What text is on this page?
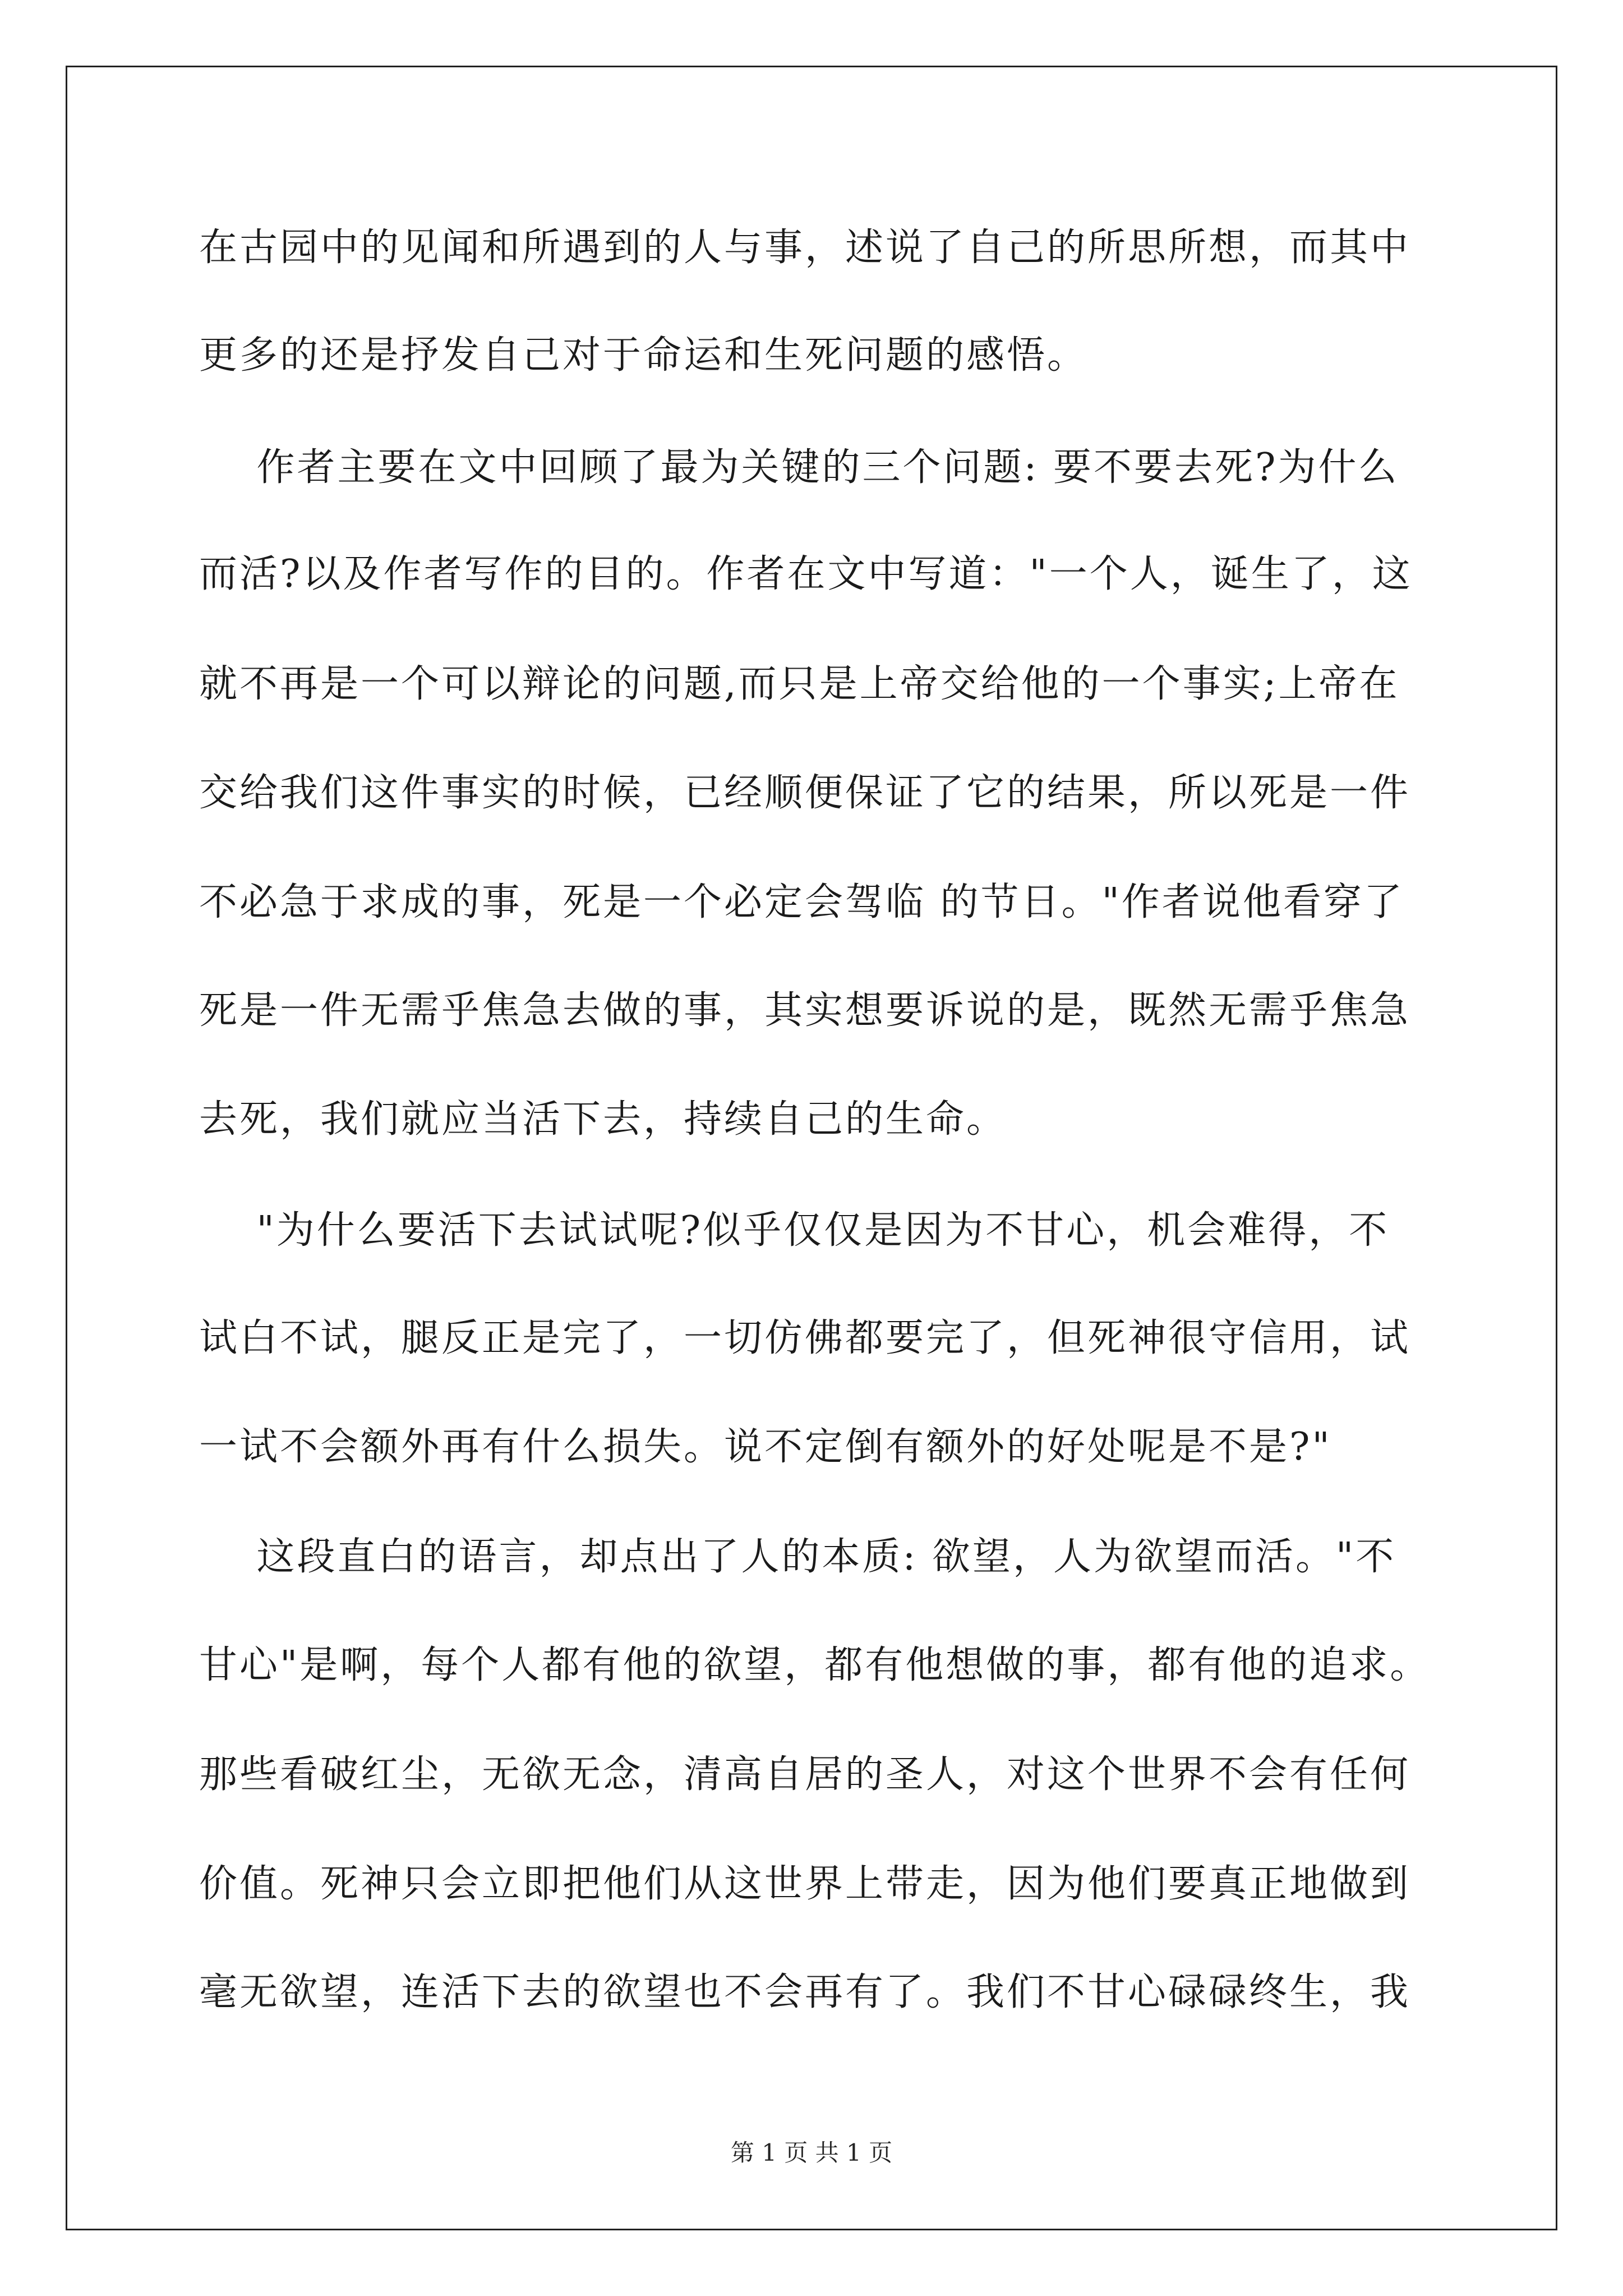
在古园中的见闻和所遇到的人与事，述说了自己的所思所想，而其中
更多的还是抒发自己对于命运和生死问题的感悟。
作者主要在文中回顾了最为关键的三个问题: 要不要去死?为什么
而活?以及作者写作的目的。作者在文中写道："一个人，诞生了，这
就不再是一个可以辩论的问题,而只是上帝交给他的一个事实;上帝在
交给我们这件事实的时候，已经顺便保证了它的结果，所以死是一件
不必急于求成的事，死是一个必定会驾临 的节日。"作者说他看穿了
死是一件无需乎焦急去做的事，其实想要诉说的是，既然无需乎焦急
去死，我们就应当活下去，持续自己的生命。
"为什么要活下去试试呢?似乎仅仅是因为不甘心，机会难得，不
试白不试，腿反正是完了，一切仿佛都要完了，但死神很守信用，试
一试不会额外再有什么损失。说不定倒有额外的好处呢是不是?"
这段直白的语言，却点出了人的本质: 欲望，人为欲望而活。"不
甘心"是啊，每个人都有他的欲望，都有他想做的事，都有他的追求。
那些看破红尘，无欲无念，清高自居的圣人，对这个世界不会有任何
价值。死神只会立即把他们从这世界上带走，因为他们要真正地做到
毫无欲望，连活下去的欲望也不会再有了。我们不甘心碌碌终生，我
第 1 页 共 1 页
